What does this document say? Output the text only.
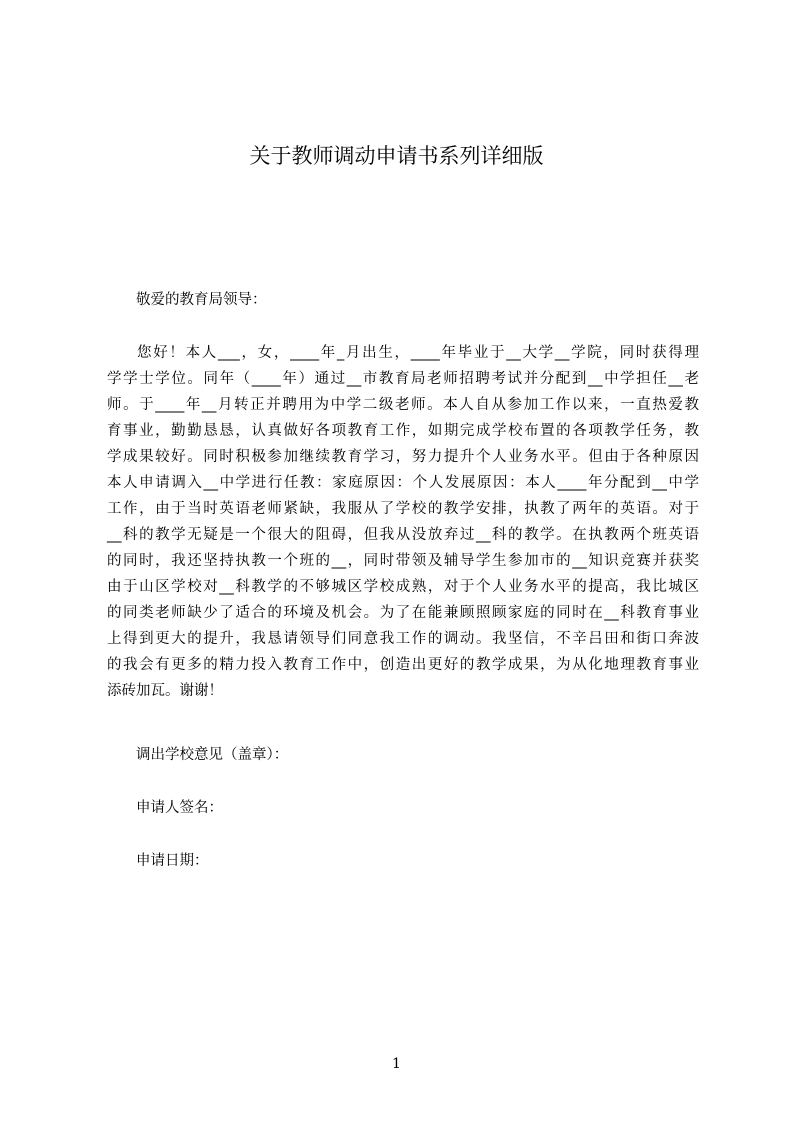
关于教师调动申请书系列详细版

敬爱的教育局领导：

您好！本人___，女，____年_月出生，____年毕业于__大学__学院，同时获得理
学学士学位。同年（____年）通过__市教育局老师招聘考试并分配到__中学担任__老
师。于____年__月转正并聘用为中学二级老师。本人自从参加工作以来，一直热爱教
育事业，勤勤恳恳，认真做好各项教育工作，如期完成学校布置的各项教学任务，教
学成果较好。同时积极参加继续教育学习，努力提升个人业务水平。但由于各种原因
本人申请调入__中学进行任教：家庭原因：个人发展原因：本人____年分配到__中学
工作，由于当时英语老师紧缺，我服从了学校的教学安排，执教了两年的英语。对于
__科的教学无疑是一个很大的阻碍，但我从没放弃过__科的教学。在执教两个班英语
的同时，我还坚持执教一个班的__，同时带领及辅导学生参加市的__知识竞赛并获奖
由于山区学校对__科教学的不够城区学校成熟，对于个人业务水平的提高，我比城区
的同类老师缺少了适合的环境及机会。为了在能兼顾照顾家庭的同时在__科教育事业
上得到更大的提升，我恳请领导们同意我工作的调动。我坚信，不辛吕田和街口奔波
的我会有更多的精力投入教育工作中，创造出更好的教学成果，为从化地理教育事业
添砖加瓦。谢谢！

调出学校意见（盖章）：

申请人签名：

申请日期：

1
